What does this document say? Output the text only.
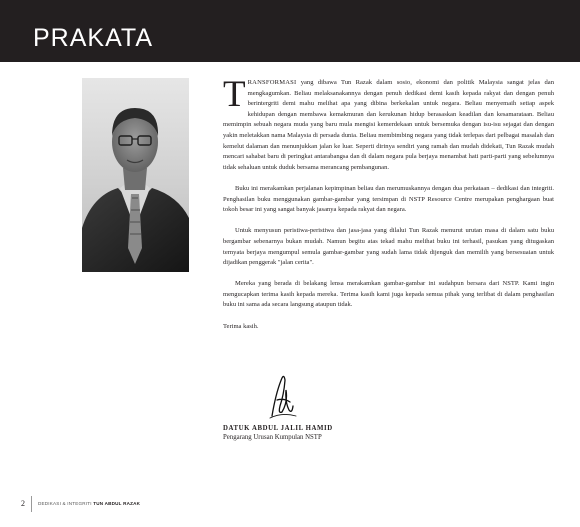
PRAKATA

TRANSFORMASI yang dibawa Tun Razak dalam sosio, ekonomi dan politik Malaysia sangat jelas dan mengkagumkan. Beliau melaksanakannya dengan penuh dedikasi demi kasih kepada rakyat dan dengan penuh berintergriti demi mahu melihat apa yang dibina berkekalan untuk negara. Beliau menyemaih setiap aspek kehidupan dengan membawa kemakmuran dan kerukunan hidup berasaskan keadilan dan kesamarataan. Beliau memimpin sebuah negara muda yang baru mula mengisi kemerdekaan untuk bersemuka dengan isu-isu sejagat dan dengan yakin meletakkan nama Malaysia di persada dunia. Beliau membimbing negara yang tidak terlepas dari pelbagai masalah dan kemelut dalaman dan menunjukkan jalan ke luar. Seperti dirinya sendiri yang ramah dan mudah didekati, Tun Razak mudah mencari sahabat baru di peringkat antarabangsa dan di dalam negara pula berjaya menambat hati parti-parti yang sebelumnya tidak sehaluan untuk duduk bersama merancang pembangunan.

Buku ini merakamkan perjalanan kepimpinan beliau dan merumuskannya dengan dua perkataan – dedikasi dan integriti. Penghasilan buku menggunakan gambar-gambar yang tersimpan di NSTP Resource Centre merupakan penghargaan buat tokoh besar ini yang sangat banyak jasanya kepada rakyat dan negara.

Untuk menyusun peristiwa-peristiwa dan jasa-jasa yang dilalui Tun Razak menurut urutan masa di dalam satu buku bergambar sebenarnya bukan mudah. Namun begitu atas tekad mahu melihat buku ini terhasil, pasukan yang ditugaskan ternyata berjaya mengumpul semula gambar-gambar yang sudah lama tidak dijenguk dan memilih yang bersesuaian untuk dijadikan penggerak "jalan cerita".

Mereka yang berada di belakang lensa merakamkan gambar-gambar ini sudahpun bersara dari NSTP. Kami ingin mengucapkan terima kasih kepada mereka. Terima kasih kami juga kepada semua pihak yang terlibat di dalam penghasilan buku ini sama ada secara langsung ataupun tidak.

Terima kasih.

DATUK ABDUL JALIL HAMID
Pengarang Urusan Kumpulan NSTP
2	DEDIKASI & INTEGRITI TUN ABDUL RAZAK
